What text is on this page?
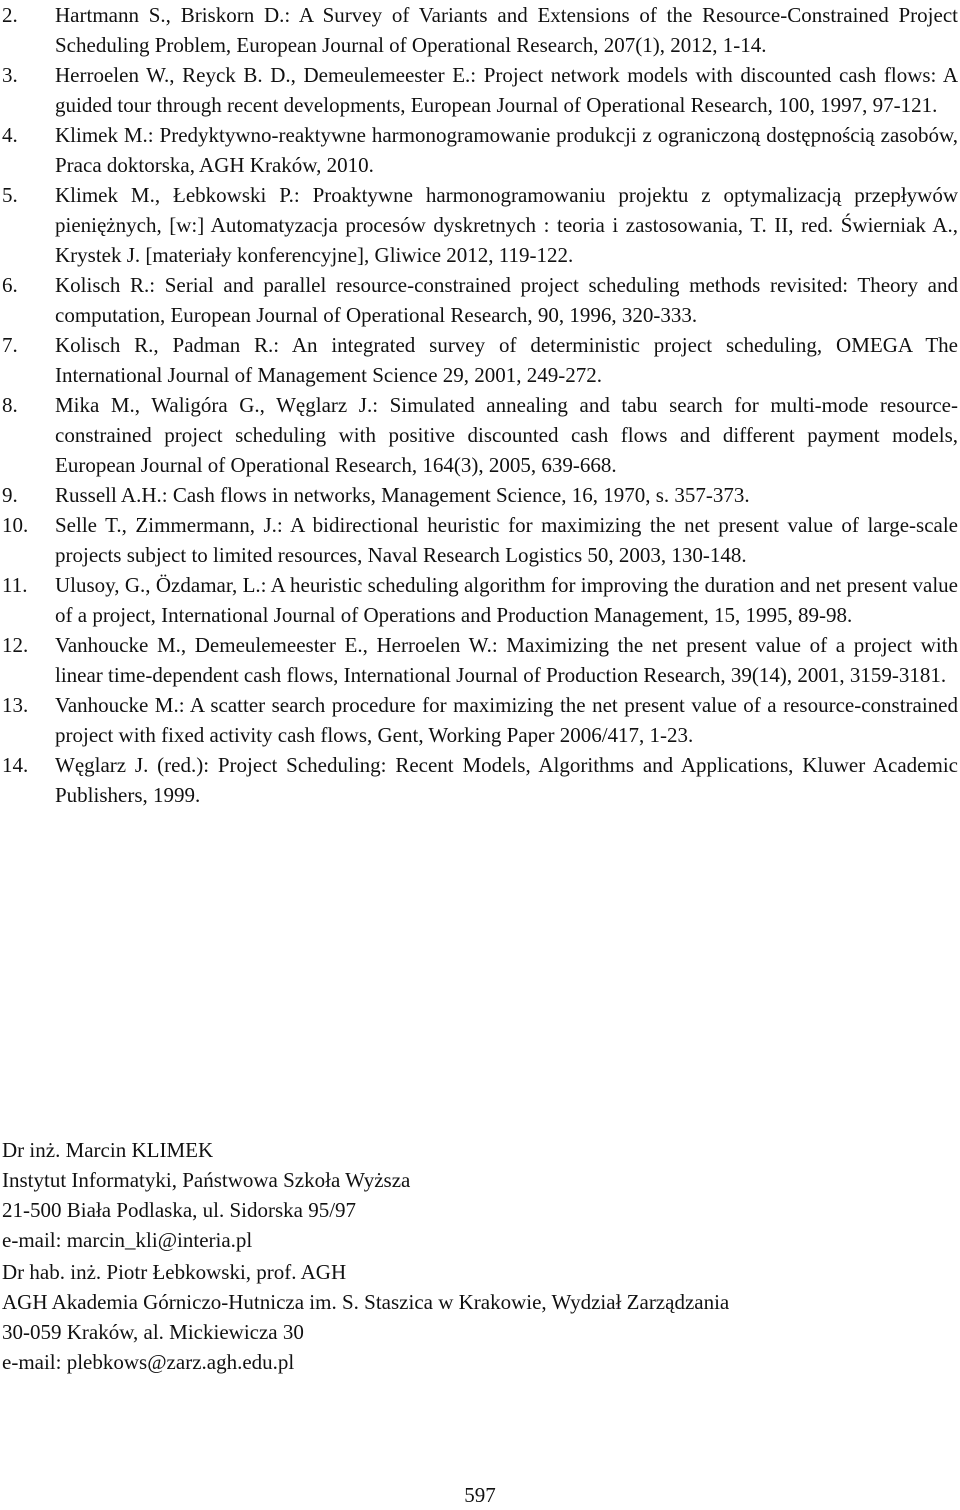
2.	Hartmann S., Briskorn D.: A Survey of Variants and Extensions of the Resource-Constrained Project Scheduling Problem, European Journal of Operational Research, 207(1), 2012, 1-14.
3.	Herroelen W., Reyck B. D., Demeulemeester E.: Project network models with discounted cash flows: A guided tour through recent developments, European Journal of Operational Research, 100, 1997, 97-121.
4.	Klimek M.: Predyktywno-reaktywne harmonogramowanie produkcji z ograniczoną dostępnością zasobów, Praca doktorska, AGH Kraków, 2010.
5.	Klimek M., Łebkowski P.: Proaktywne harmonogramowaniu projektu z optymalizacją przepływów pieniężnych, [w:] Automatyzacja procesów dyskretnych : teoria i zastosowania, T. II, red. Świerniak A., Krystek J. [materiały konferencyjne], Gliwice 2012, 119-122.
6.	Kolisch R.: Serial and parallel resource-constrained project scheduling methods revisited: Theory and computation, European Journal of Operational Research, 90, 1996, 320-333.
7.	Kolisch R., Padman R.: An integrated survey of deterministic project scheduling, OMEGA The International Journal of Management Science 29, 2001, 249-272.
8.	Mika M., Waligóra G., Węglarz J.: Simulated annealing and tabu search for multi-mode resource-constrained project scheduling with positive discounted cash flows and different payment models, European Journal of Operational Research, 164(3), 2005, 639-668.
9.	Russell A.H.: Cash flows in networks, Management Science, 16, 1970, s. 357-373.
10.	Selle T., Zimmermann, J.: A bidirectional heuristic for maximizing the net present value of large-scale projects subject to limited resources, Naval Research Logistics 50, 2003, 130-148.
11.	Ulusoy, G., Özdamar, L.: A heuristic scheduling algorithm for improving the duration and net present value of a project, International Journal of Operations and Production Management, 15, 1995, 89-98.
12.	Vanhoucke M., Demeulemeester E., Herroelen W.: Maximizing the net present value of a project with linear time-dependent cash flows, International Journal of Production Research, 39(14), 2001, 3159-3181.
13.	Vanhoucke M.: A scatter search procedure for maximizing the net present value of a resource-constrained project with fixed activity cash flows, Gent, Working Paper 2006/417, 1-23.
14.	Węglarz J. (red.): Project Scheduling: Recent Models, Algorithms and Applications, Kluwer Academic Publishers, 1999.
Dr inż. Marcin KLIMEK
Instytut Informatyki, Państwowa Szkoła Wyższa
21-500 Biała Podlaska, ul. Sidorska 95/97
e-mail: marcin_kli@interia.pl
Dr hab. inż. Piotr Łebkowski, prof. AGH
AGH Akademia Górniczo-Hutnicza im. S. Staszica w Krakowie, Wydział Zarządzania
30-059 Kraków, al. Mickiewicza 30
e-mail: plebkows@zarz.agh.edu.pl
597
